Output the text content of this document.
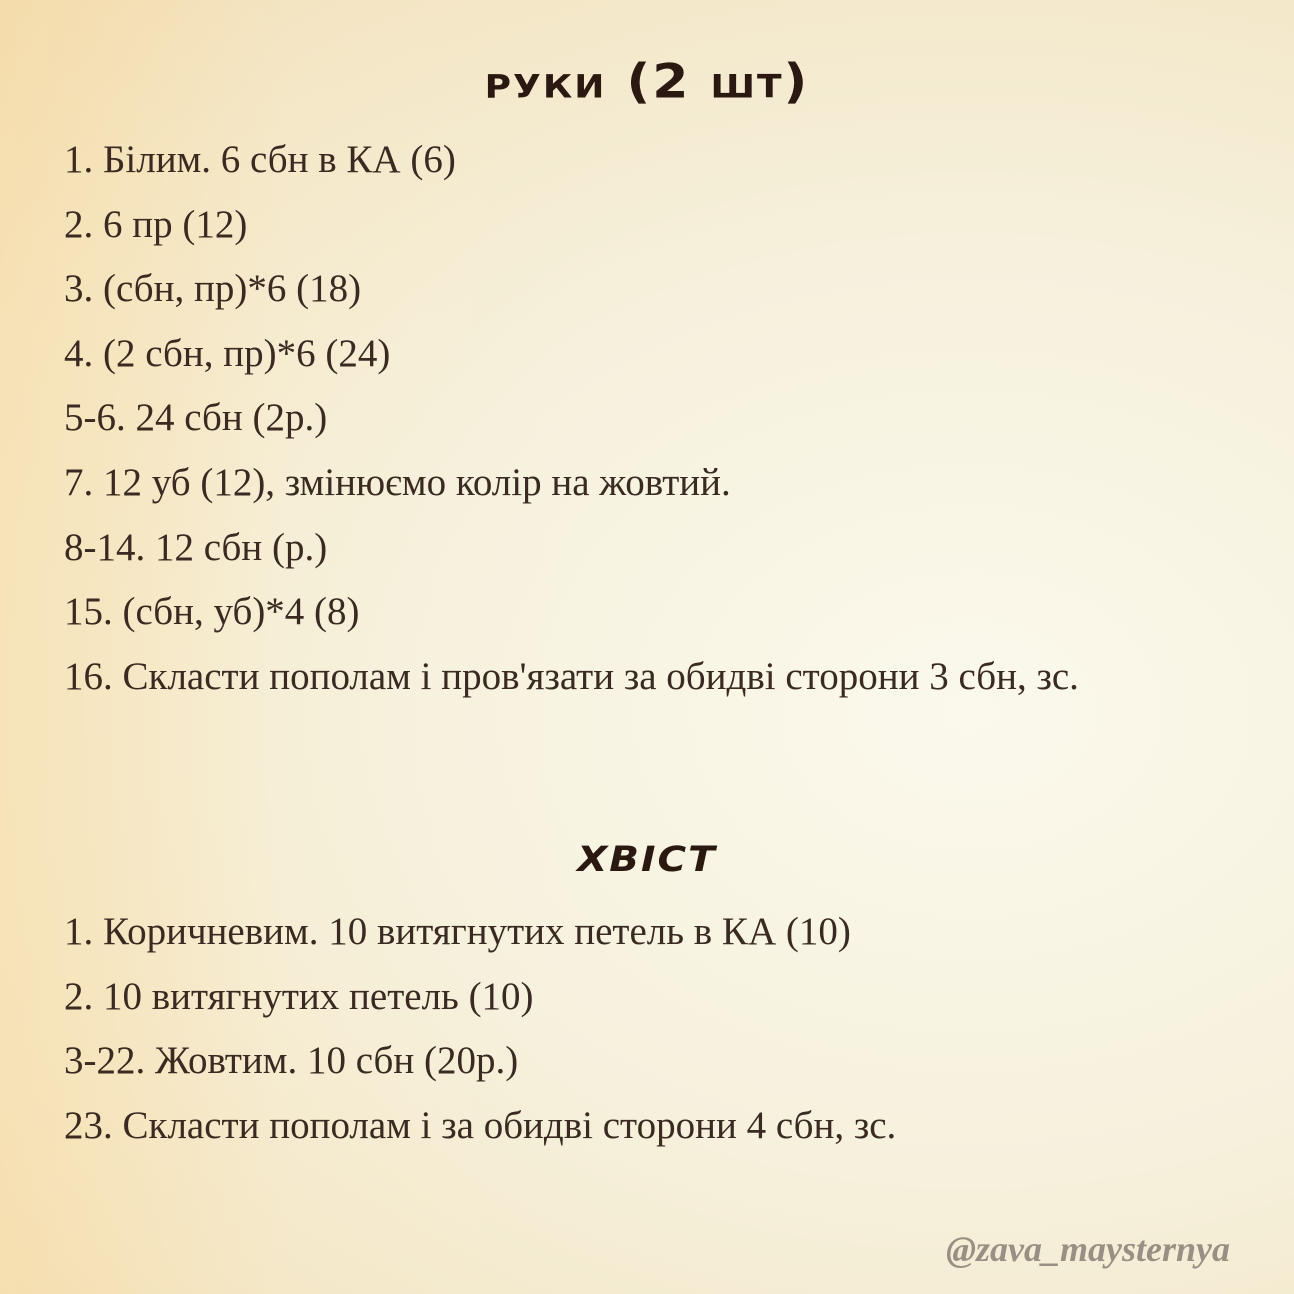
руки (2 шт)
1. Білим. 6 сбн в КА (6)
2. 6 пр (12)
3. (сбн, пр)*6 (18)
4. (2 сбн, пр)*6 (24)
5-6. 24 сбн (2р.)
7. 12 уб (12), змінюємо колір на жовтий.
8-14. 12 сбн (р.)
15. (сбн, уб)*4 (8)
16. Скласти пополам і пров'язати за обидві сторони 3 сбн, зс.
хвіст
1. Коричневим. 10 витягнутих петель в КА (10)
2. 10 витягнутих петель (10)
3-22. Жовтим. 10 сбн (20р.)
23. Скласти пополам і за обидві сторони 4 сбн, зс.
@zava_maysternya
